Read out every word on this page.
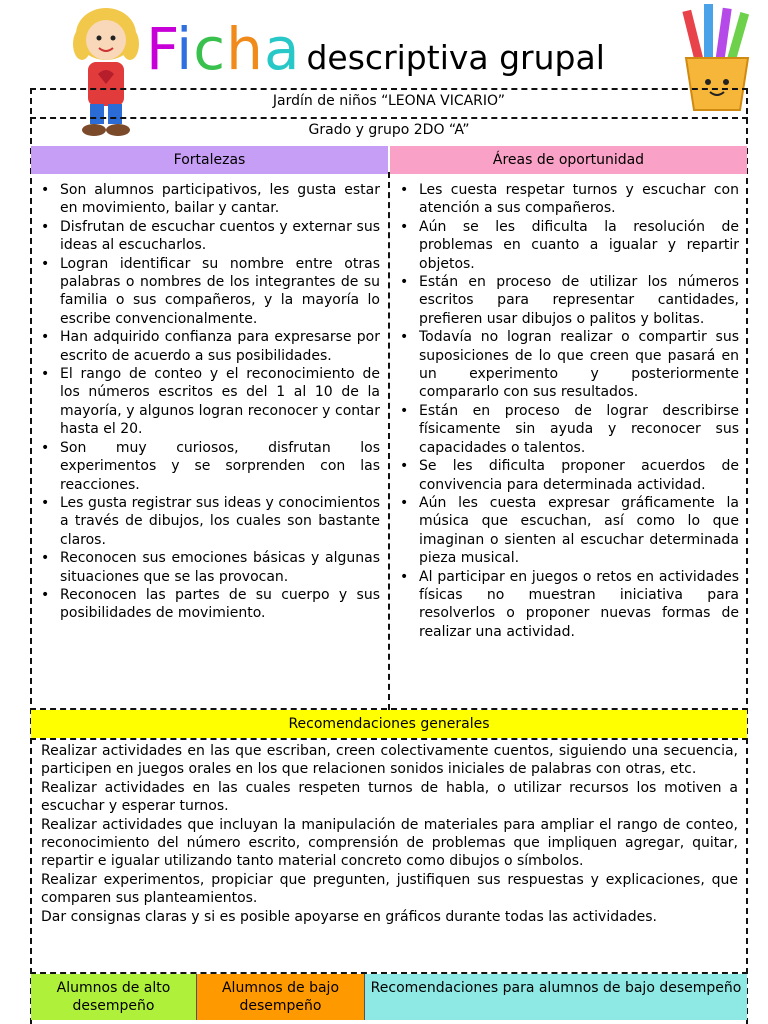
Ficha descriptiva grupal
Jardín de niños “LEONA VICARIO”
Grado y grupo 2DO “A”
Fortalezas	Áreas de oportunidad
• Son alumnos participativos, les gusta estar en movimiento, bailar y cantar.
• Disfrutan de escuchar cuentos y externar sus ideas al escucharlos.
• Logran identificar su nombre entre otras palabras o nombres de los integrantes de su familia o sus compañeros, y la mayoría lo escribe convencionalmente.
• Han adquirido confianza para expresarse por escrito de acuerdo a sus posibilidades.
• El rango de conteo y el reconocimiento de los números escritos es del 1 al 10 de la mayoría, y algunos logran reconocer y contar hasta el 20.
• Son muy curiosos, disfrutan los experimentos y se sorprenden con las reacciones.
• Les gusta registrar sus ideas y conocimientos a través de dibujos, los cuales son bastante claros.
• Reconocen sus emociones básicas y algunas situaciones que se las provocan.
• Reconocen las partes de su cuerpo y sus posibilidades de movimiento.
• Les cuesta respetar turnos y escuchar con atención a sus compañeros.
• Aún se les dificulta la resolución de problemas en cuanto a igualar y repartir objetos.
• Están en proceso de utilizar los números escritos para representar cantidades, prefieren usar dibujos o palitos y bolitas.
• Todavía no logran realizar o compartir sus suposiciones de lo que creen que pasará en un experimento y posteriormente compararlo con sus resultados.
• Están en proceso de lograr describirse físicamente sin ayuda y reconocer sus capacidades o talentos.
• Se les dificulta proponer acuerdos de convivencia para determinada actividad.
• Aún les cuesta expresar gráficamente la música que escuchan, así como lo que imaginan o sienten al escuchar determinada pieza musical.
• Al participar en juegos o retos en actividades físicas no muestran iniciativa para resolverlos o proponer nuevas formas de realizar una actividad.
Recomendaciones generales

Realizar actividades en las que escriban, creen colectivamente cuentos, siguiendo una secuencia, participen en juegos orales en los que relacionen sonidos iniciales de palabras con otras, etc.

Realizar actividades en las cuales respeten turnos de habla, o utilizar recursos los motiven a escuchar y esperar turnos.

Realizar actividades que incluyan la manipulación de materiales para ampliar el rango de conteo, reconocimiento del número escrito, comprensión de problemas que impliquen agregar, quitar, repartir e igualar utilizando tanto material concreto como dibujos o símbolos.

Realizar experimentos, propiciar que pregunten, justifiquen sus respuestas y explicaciones, que comparen sus planteamientos.

Dar consignas claras y si es posible apoyarse en gráficos durante todas las actividades.

Alumnos de alto desempeño
Alumnos de bajo desempeño
Recomendaciones para alumnos de bajo desempeño
